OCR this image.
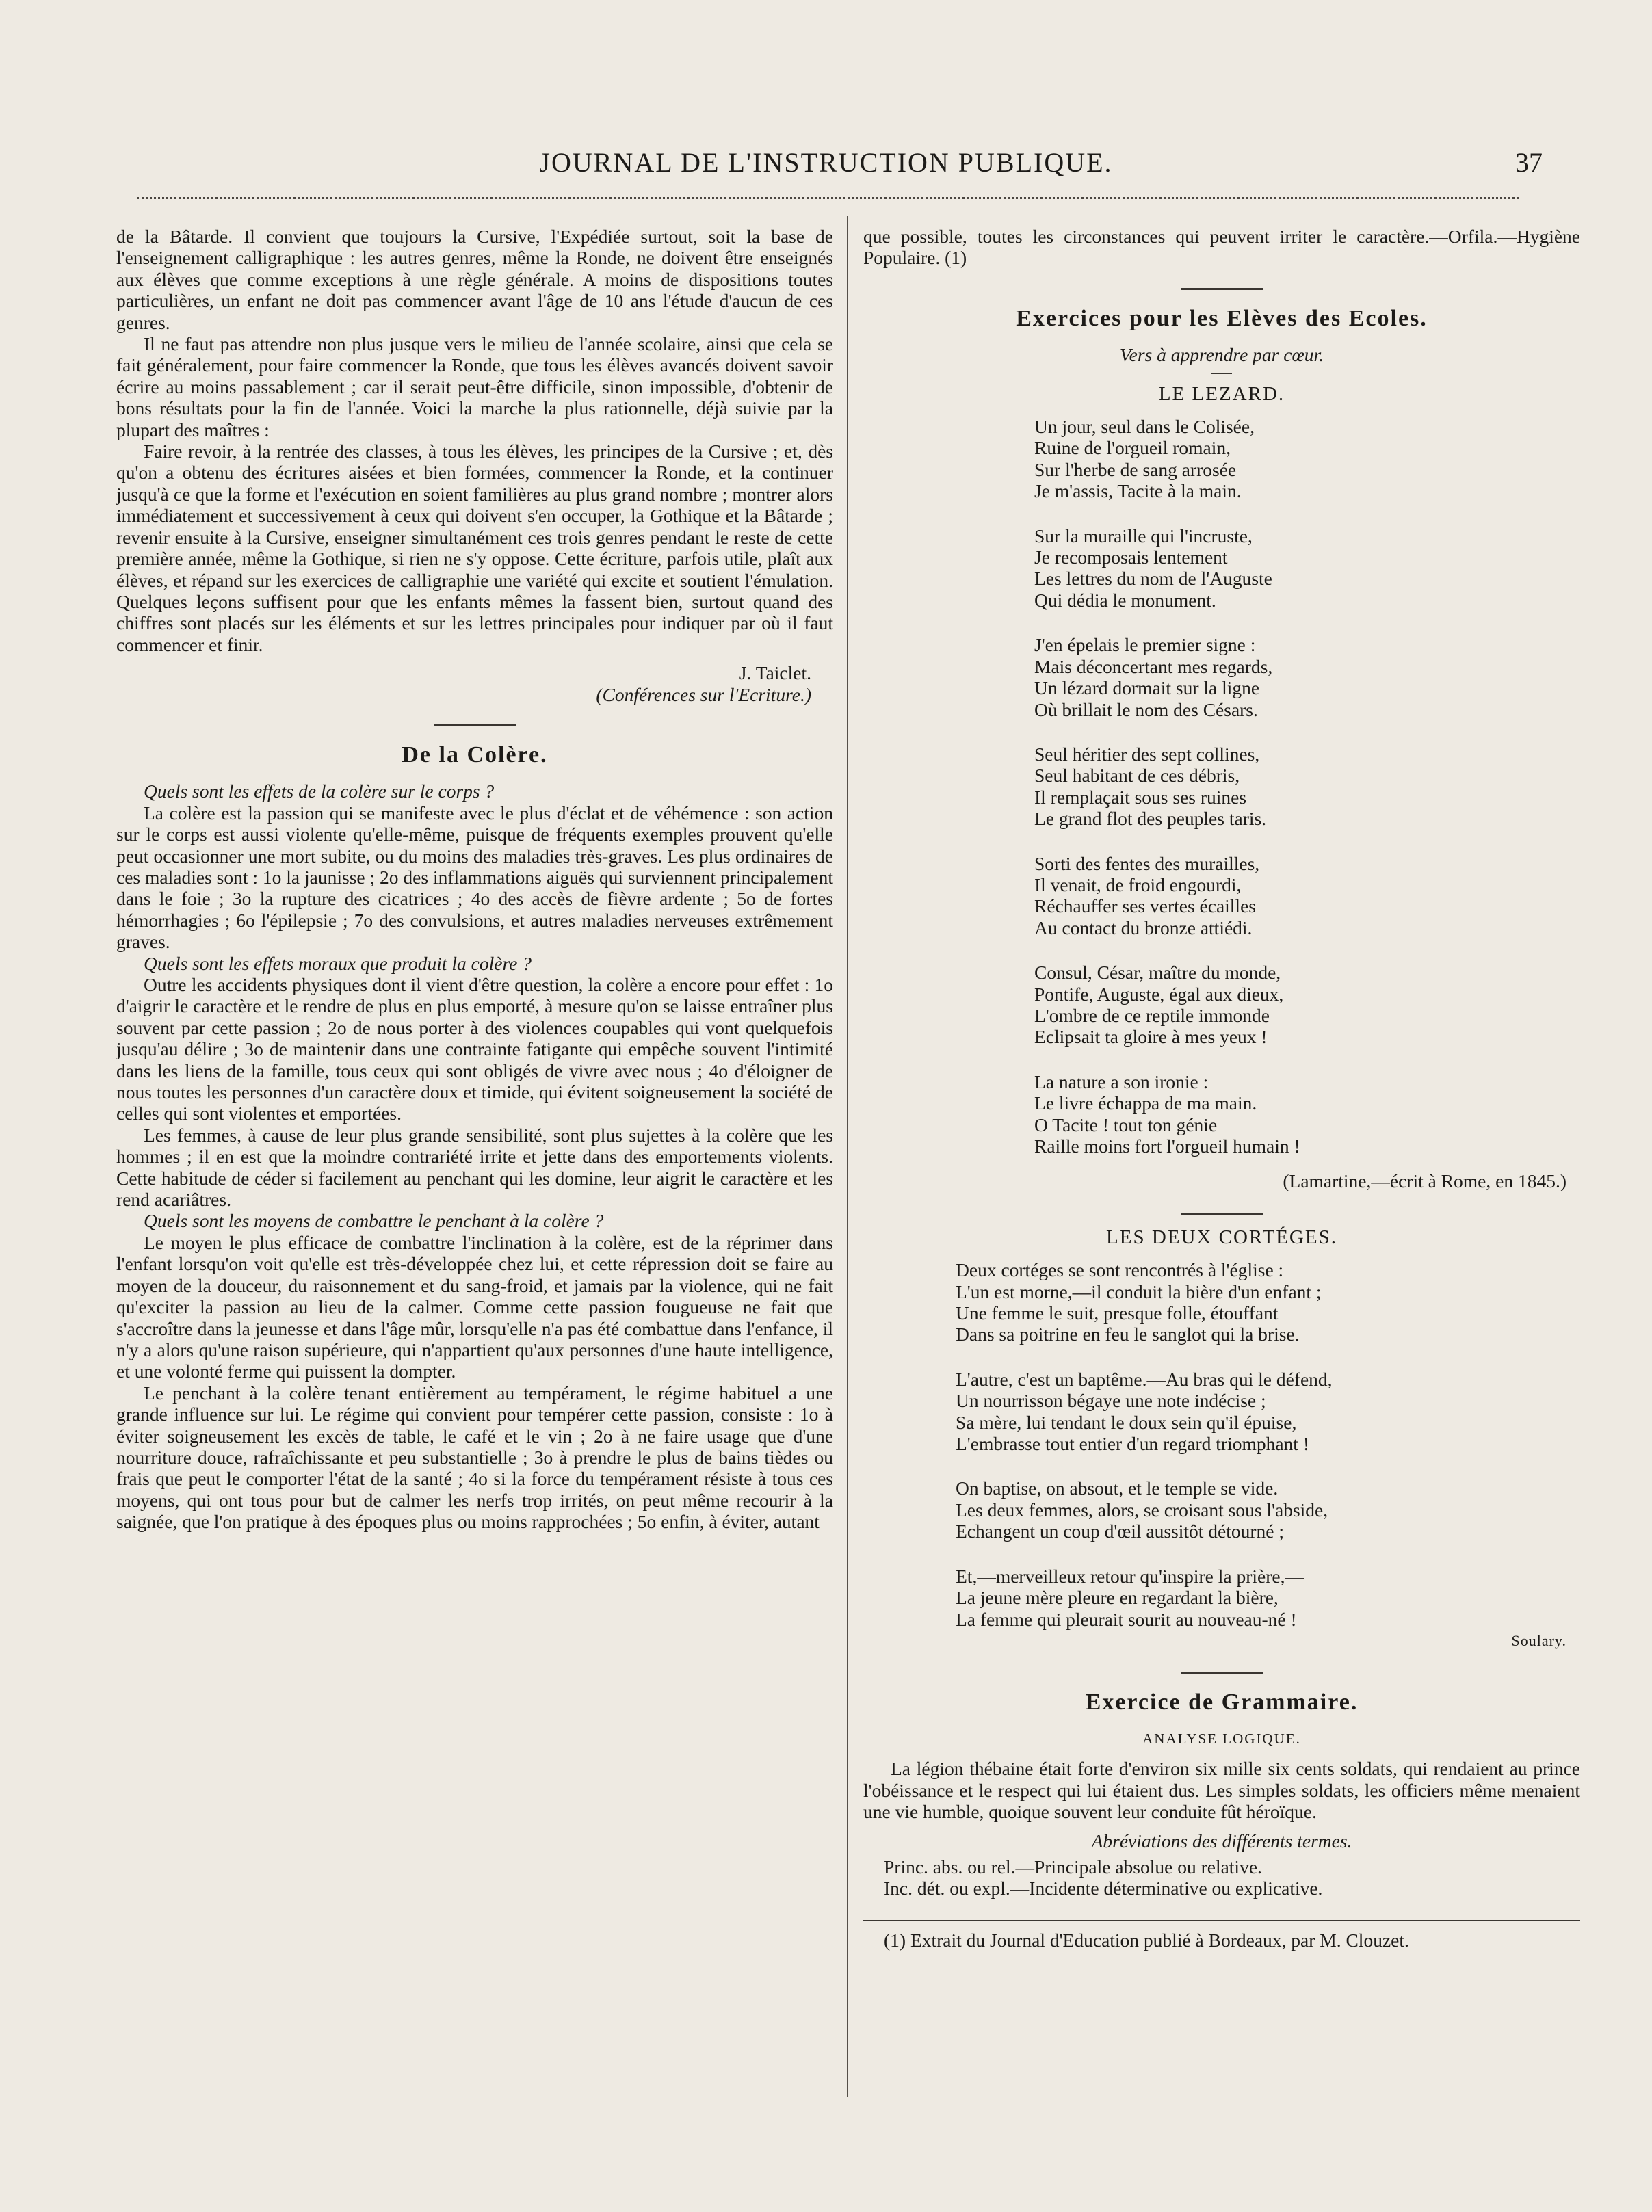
JOURNAL DE L'INSTRUCTION PUBLIQUE.	37

de la Bâtarde. Il convient que toujours la Cursive, l'Expédiée surtout, soit la base de l'enseignement calligraphique : les autres genres, même la Ronde, ne doivent être enseignés aux élèves que comme exceptions à une règle générale. A moins de dispositions toutes particulières, un enfant ne doit pas commencer avant l'âge de 10 ans l'étude d'aucun de ces genres.

Il ne faut pas attendre non plus jusque vers le milieu de l'année scolaire, ainsi que cela se fait généralement, pour faire commencer la Ronde, que tous les élèves avancés doivent savoir écrire au moins passablement ; car il serait peut-être difficile, sinon impossible, d'obtenir de bons résultats pour la fin de l'année. Voici la marche la plus rationnelle, déjà suivie par la plupart des maîtres :

Faire revoir, à la rentrée des classes, à tous les élèves, les principes de la Cursive ; et, dès qu'on a obtenu des écritures aisées et bien formées, commencer la Ronde, et la continuer jusqu'à ce que la forme et l'exécution en soient familières au plus grand nombre ; montrer alors immédiatement et successivement à ceux qui doivent s'en occuper, la Gothique et la Bâtarde ; revenir ensuite à la Cursive, enseigner simultanément ces trois genres pendant le reste de cette première année, même la Gothique, si rien ne s'y oppose. Cette écriture, parfois utile, plaît aux élèves, et répand sur les exercices de calligraphie une variété qui excite et soutient l'émulation. Quelques leçons suffisent pour que les enfants mêmes la fassent bien, surtout quand des chiffres sont placés sur les éléments et sur les lettres principales pour indiquer par où il faut commencer et finir.

J. Taiclet.

(Conférences sur l'Ecriture.)

De la Colère.

Quels sont les effets de la colère sur le corps ?

La colère est la passion qui se manifeste avec le plus d'éclat et de véhémence : son action sur le corps est aussi violente qu'elle-même, puisque de fréquents exemples prouvent qu'elle peut occasionner une mort subite, ou du moins des maladies très-graves. Les plus ordinaires de ces maladies sont : 1o la jaunisse ; 2o des inflammations aiguës qui surviennent principalement dans le foie ; 3o la rupture des cicatrices ; 4o des accès de fièvre ardente ; 5o de fortes hémorrhagies ; 6o l'épilepsie ; 7o des convulsions, et autres maladies nerveuses extrêmement graves.

Quels sont les effets moraux que produit la colère ?

Outre les accidents physiques dont il vient d'être question, la colère a encore pour effet : 1o d'aigrir le caractère et le rendre de plus en plus emporté, à mesure qu'on se laisse entraîner plus souvent par cette passion ; 2o de nous porter à des violences coupables qui vont quelquefois jusqu'au délire ; 3o de maintenir dans une contrainte fatigante qui empêche souvent l'intimité dans les liens de la famille, tous ceux qui sont obligés de vivre avec nous ; 4o d'éloigner de nous toutes les personnes d'un caractère doux et timide, qui évitent soigneusement la société de celles qui sont violentes et emportées.

Les femmes, à cause de leur plus grande sensibilité, sont plus sujettes à la colère que les hommes ; il en est que la moindre contrariété irrite et jette dans des emportements violents. Cette habitude de céder si facilement au penchant qui les domine, leur aigrit le caractère et les rend acariâtres.

Quels sont les moyens de combattre le penchant à la colère ?

Le moyen le plus efficace de combattre l'inclination à la colère, est de la réprimer dans l'enfant lorsqu'on voit qu'elle est très-développée chez lui, et cette répression doit se faire au moyen de la douceur, du raisonnement et du sang-froid, et jamais par la violence, qui ne fait qu'exciter la passion au lieu de la calmer. Comme cette passion fougueuse ne fait que s'accroître dans la jeunesse et dans l'âge mûr, lorsqu'elle n'a pas été combattue dans l'enfance, il n'y a alors qu'une raison supérieure, qui n'appartient qu'aux personnes d'une haute intelligence, et une volonté ferme qui puissent la dompter.

Le penchant à la colère tenant entièrement au tempérament, le régime habituel a une grande influence sur lui. Le régime qui convient pour tempérer cette passion, consiste : 1o à éviter soigneusement les excès de table, le café et le vin ; 2o à ne faire usage que d'une nourriture douce, rafraîchissante et peu substantielle ; 3o à prendre le plus de bains tièdes ou frais que peut le comporter l'état de la santé ; 4o si la force du tempérament résiste à tous ces moyens, qui ont tous pour but de calmer les nerfs trop irrités, on peut même recourir à la saignée, que l'on pratique à des époques plus ou moins rapprochées ; 5o enfin, à éviter, autant

que possible, toutes les circonstances qui peuvent irriter le caractère.—Orfila.—Hygiène Populaire. (1)

Exercices pour les Elèves des Ecoles.
Vers à apprendre par cœur.
LE LEZARD.
Un jour, seul dans le Colisée,
Ruine de l'orgueil romain,
Sur l'herbe de sang arrosée
Je m'assis, Tacite à la main.
Sur la muraille qui l'incruste,
Je recomposais lentement
Les lettres du nom de l'Auguste
Qui dédia le monument.
J'en épelais le premier signe :
Mais déconcertant mes regards,
Un lézard dormait sur la ligne
Où brillait le nom des Césars.
Seul héritier des sept collines,
Seul habitant de ces débris,
Il remplaçait sous ses ruines
Le grand flot des peuples taris.
Sorti des fentes des murailles,
Il venait, de froid engourdi,
Réchauffer ses vertes écailles
Au contact du bronze attiédi.
Consul, César, maître du monde,
Pontife, Auguste, égal aux dieux,
L'ombre de ce reptile immonde
Eclipsait ta gloire à mes yeux !
La nature a son ironie :
Le livre échappa de ma main.
O Tacite ! tout ton génie
Raille moins fort l'orgueil humain !

(Lamartine,—écrit à Rome, en 1845.)

LES DEUX CORTÉGES.
Deux cortéges se sont rencontrés à l'église :
L'un est morne,—il conduit la bière d'un enfant ;
Une femme le suit, presque folle, étouffant
Dans sa poitrine en feu le sanglot qui la brise.
L'autre, c'est un baptême.—Au bras qui le défend,
Un nourrisson bégaye une note indécise ;
Sa mère, lui tendant le doux sein qu'il épuise,
L'embrasse tout entier d'un regard triomphant !
On baptise, on absout, et le temple se vide.
Les deux femmes, alors, se croisant sous l'abside,
Echangent un coup d'œil aussitôt détourné ;
Et,—merveilleux retour qu'inspire la prière,—
La jeune mère pleure en regardant la bière,
La femme qui pleurait sourit au nouveau-né !

Soulary.

Exercice de Grammaire.
ANALYSE LOGIQUE.

La légion thébaine était forte d'environ six mille six cents soldats, qui rendaient au prince l'obéissance et le respect qui lui étaient dus. Les simples soldats, les officiers même menaient une vie humble, quoique souvent leur conduite fût héroïque.

Abréviations des différents termes.

Princ. abs. ou rel.—Principale absolue ou relative.

Inc. dét. ou expl.—Incidente déterminative ou explicative.

(1) Extrait du Journal d'Education publié à Bordeaux, par M. Clouzet.
